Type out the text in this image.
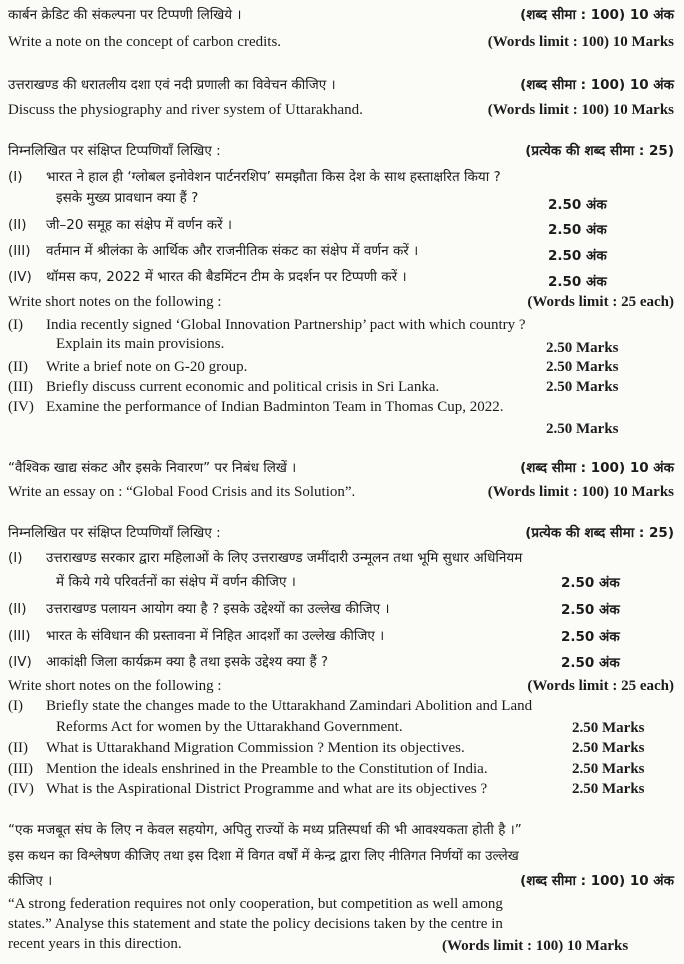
कार्बन क्रेडिट की संकल्पना पर टिप्पणी लिखिये ।	(शब्द सीमा : 100) 10 अंक
Write a note on the concept of carbon credits.	(Words limit : 100) 10 Marks
उत्तराखण्ड की धरातलीय दशा एवं नदी प्रणाली का विवेचन कीजिए ।	(शब्द सीमा : 100) 10 अंक
Discuss the physiography and river system of Uttarakhand.	(Words limit : 100) 10 Marks
निम्नलिखित पर संक्षिप्त टिप्पणियाँ लिखिए :	(प्रत्येक की शब्द सीमा : 25)
(I) भारत ने हाल ही ‘ग्लोबल इनोवेशन पार्टनरशिप’ समझौता किस देश के साथ हस्ताक्षरित किया ?
इसके मुख्य प्रावधान क्या हैं ?	2.50 अंक
(II) जी–20 समूह का संक्षेप में वर्णन करें ।	2.50 अंक
(III) वर्तमान में श्रीलंका के आर्थिक और राजनीतिक संकट का संक्षेप में वर्णन करें ।	2.50 अंक
(IV) थॉमस कप, 2022 में भारत की बैडमिंटन टीम के प्रदर्शन पर टिप्पणी करें ।	2.50 अंक
Write short notes on the following :	(Words limit : 25 each)
(I) India recently signed ‘Global Innovation Partnership’ pact with which country ?
Explain its main provisions.	2.50 Marks
(II) Write a brief note on G-20 group.	2.50 Marks
(III) Briefly discuss current economic and political crisis in Sri Lanka.	2.50 Marks
(IV) Examine the performance of Indian Badminton Team in Thomas Cup, 2022.
2.50 Marks
“वैश्विक खाद्य संकट और इसके निवारण” पर निबंध लिखें ।	(शब्द सीमा : 100) 10 अंक
Write an essay on : “Global Food Crisis and its Solution”.	(Words limit : 100) 10 Marks
निम्नलिखित पर संक्षिप्त टिप्पणियाँ लिखिए :	(प्रत्येक की शब्द सीमा : 25)
(I) उत्तराखण्ड सरकार द्वारा महिलाओं के लिए उत्तराखण्ड जमींदारी उन्मूलन तथा भूमि सुधार अधिनियम
में किये गये परिवर्तनों का संक्षेप में वर्णन कीजिए ।	2.50 अंक
(II) उत्तराखण्ड पलायन आयोग क्या है ? इसके उद्देश्यों का उल्लेख कीजिए ।	2.50 अंक
(III) भारत के संविधान की प्रस्तावना में निहित आदर्शों का उल्लेख कीजिए ।	2.50 अंक
(IV) आकांक्षी जिला कार्यक्रम क्या है तथा इसके उद्देश्य क्या हैं ?	2.50 अंक
Write short notes on the following :	(Words limit : 25 each)
(I) Briefly state the changes made to the Uttarakhand Zamindari Abolition and Land
Reforms Act for women by the Uttarakhand Government.	2.50 Marks
(II) What is Uttarakhand Migration Commission ? Mention its objectives.	2.50 Marks
(III) Mention the ideals enshrined in the Preamble to the Constitution of India.	2.50 Marks
(IV) What is the Aspirational District Programme and what are its objectives ?	2.50 Marks
“एक मजबूत संघ के लिए न केवल सहयोग, अपितु राज्यों के मध्य प्रतिस्पर्धा की भी आवश्यकता होती है ।”
इस कथन का विश्लेषण कीजिए तथा इस दिशा में विगत वर्षों में केन्द्र द्वारा लिए नीतिगत निर्णयों का उल्लेख
कीजिए ।	(शब्द सीमा : 100) 10 अंक
“A strong federation requires not only cooperation, but competition as well among
states.” Analyse this statement and state the policy decisions taken by the centre in
recent years in this direction.	(Words limit : 100) 10 Marks
